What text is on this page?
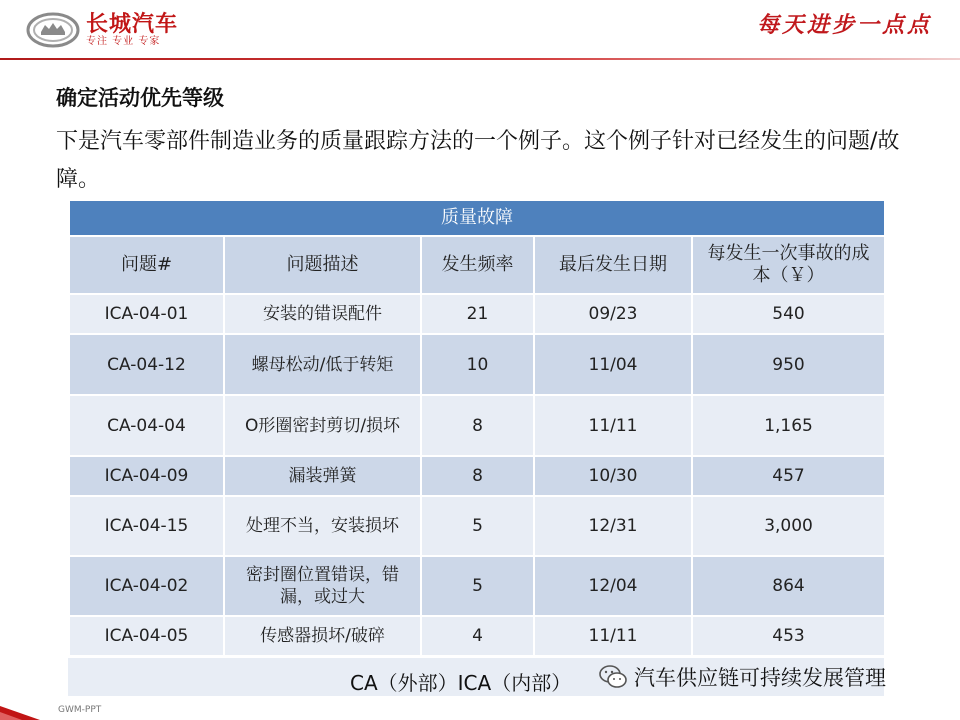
长城汽车
专注 专业 专家
每天进步一点点
确定活动优先等级
下是汽车零部件制造业务的质量跟踪方法的一个例子。这个例子针对已经发生的问题/故障。
质量故障				
问题#	问题描述	发生频率	最后发生日期	每发生一次事故的成本（￥）
ICA-04-01	安装的错误配件	21	09/23	540
CA-04-12	螺母松动/低于转矩	10	11/04	950
CA-04-04	O形圈密封剪切/损坏	8	11/11	1,165
ICA-04-09	漏装弹簧	8	10/30	457
ICA-04-15	处理不当，安装损坏	5	12/31	3,000
ICA-04-02	密封圈位置错误，错漏，或过大	5	12/04	864
ICA-04-05	传感器损坏/破碎	4	11/11	453
CA（外部）ICA（内部）	汽车供应链可持续发展管理
GWM-PPT
